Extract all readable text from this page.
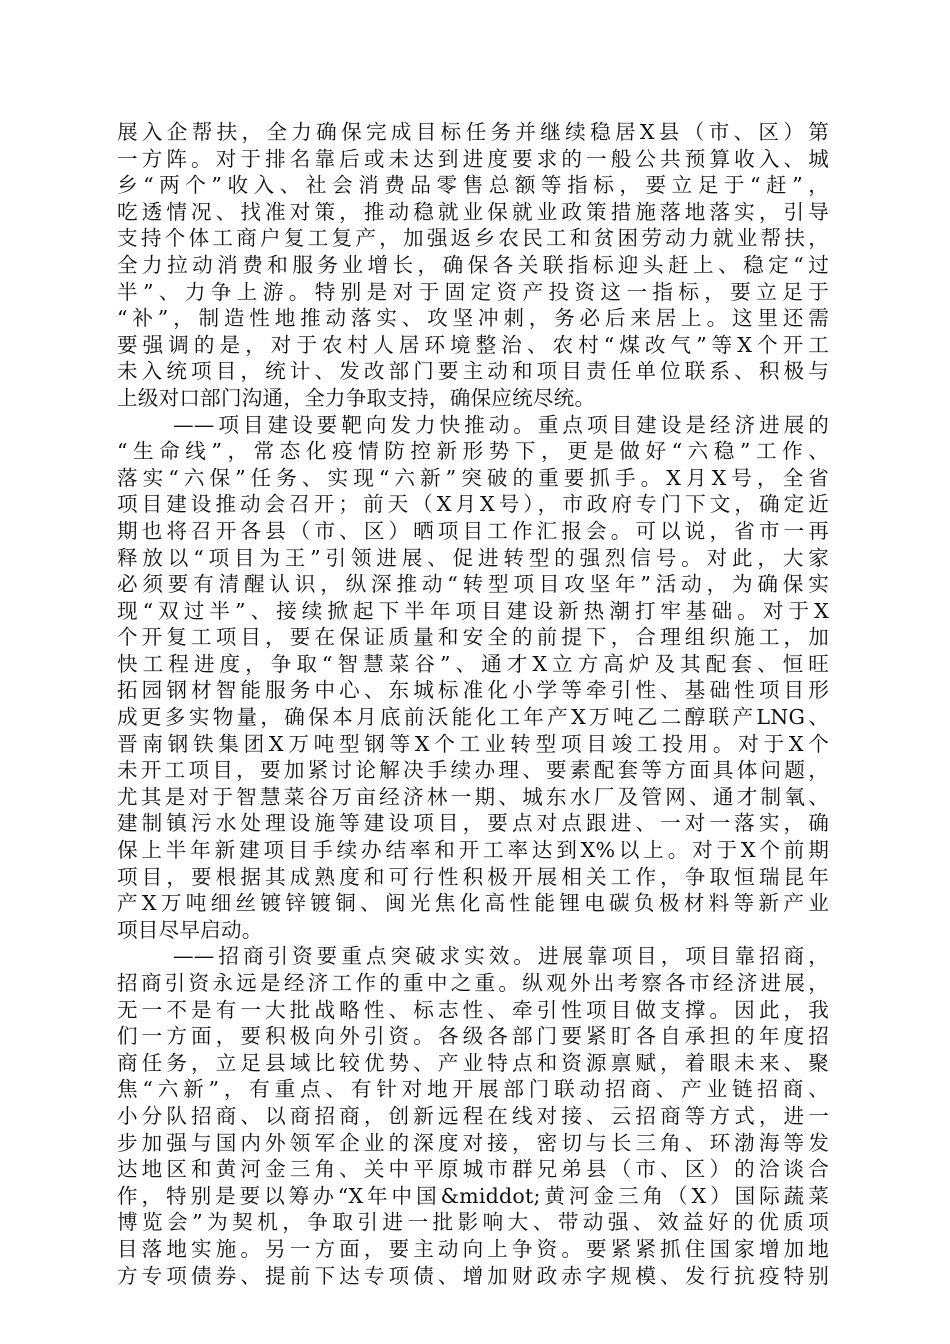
展入企帮扶，全力确保完成目标任务并继续稳居X县（市、区）第
一方阵。对于排名靠后或未达到进度要求的一般公共预算收入、城
乡“两个”收入、社会消费品零售总额等指标，要立足于“赶”，
吃透情况、找准对策，推动稳就业保就业政策措施落地落实，引导
支持个体工商户复工复产，加强返乡农民工和贫困劳动力就业帮扶，
全力拉动消费和服务业增长，确保各关联指标迎头赶上、稳定“过
半”、力争上游。特别是对于固定资产投资这一指标，要立足于
“补”，制造性地推动落实、攻坚冲刺，务必后来居上。这里还需
要强调的是，对于农村人居环境整治、农村“煤改气”等X个开工
未入统项目，统计、发改部门要主动和项目责任单位联系、积极与
上级对口部门沟通，全力争取支持，确保应统尽统。
——项目建设要靶向发力快推动。重点项目建设是经济进展的
“生命线”，常态化疫情防控新形势下，更是做好“六稳”工作、
落实“六保”任务、实现“六新”突破的重要抓手。X月X号，全省
项目建设推动会召开；前天（X月X号），市政府专门下文，确定近
期也将召开各县（市、区）晒项目工作汇报会。可以说，省市一再
释放以“项目为王”引领进展、促进转型的强烈信号。对此，大家
必须要有清醒认识，纵深推动“转型项目攻坚年”活动，为确保实
现“双过半”、接续掀起下半年项目建设新热潮打牢基础。对于X
个开复工项目，要在保证质量和安全的前提下，合理组织施工，加
快工程进度，争取“智慧菜谷”、通才X立方高炉及其配套、恒旺
拓园钢材智能服务中心、东城标准化小学等牵引性、基础性项目形
成更多实物量，确保本月底前沃能化工年产X万吨乙二醇联产LNG、
晋南钢铁集团X万吨型钢等X个工业转型项目竣工投用。对于X个
未开工项目，要加紧讨论解决手续办理、要素配套等方面具体问题，
尤其是对于智慧菜谷万亩经济林一期、城东水厂及管网、通才制氧、
建制镇污水处理设施等建设项目，要点对点跟进、一对一落实，确
保上半年新建项目手续办结率和开工率达到X%以上。对于X个前期
项目，要根据其成熟度和可行性积极开展相关工作，争取恒瑞昆年
产X万吨细丝镀锌镀铜、闽光焦化高性能锂电碳负极材料等新产业
项目尽早启动。
——招商引资要重点突破求实效。进展靠项目，项目靠招商，
招商引资永远是经济工作的重中之重。纵观外出考察各市经济进展，
无一不是有一大批战略性、标志性、牵引性项目做支撑。因此，我
们一方面，要积极向外引资。各级各部门要紧盯各自承担的年度招
商任务，立足县域比较优势、产业特点和资源禀赋，着眼未来、聚
焦“六新”，有重点、有针对地开展部门联动招商、产业链招商、
小分队招商、以商招商，创新远程在线对接、云招商等方式，进一
步加强与国内外领军企业的深度对接，密切与长三角、环渤海等发
达地区和黄河金三角、关中平原城市群兄弟县（市、区）的洽谈合
作，特别是要以筹办“X年中国&middot;黄河金三角（X）国际蔬菜
博览会”为契机，争取引进一批影响大、带动强、效益好的优质项
目落地实施。另一方面，要主动向上争资。要紧紧抓住国家增加地
方专项债券、提前下达专项债、增加财政赤字规模、发行抗疫特别
